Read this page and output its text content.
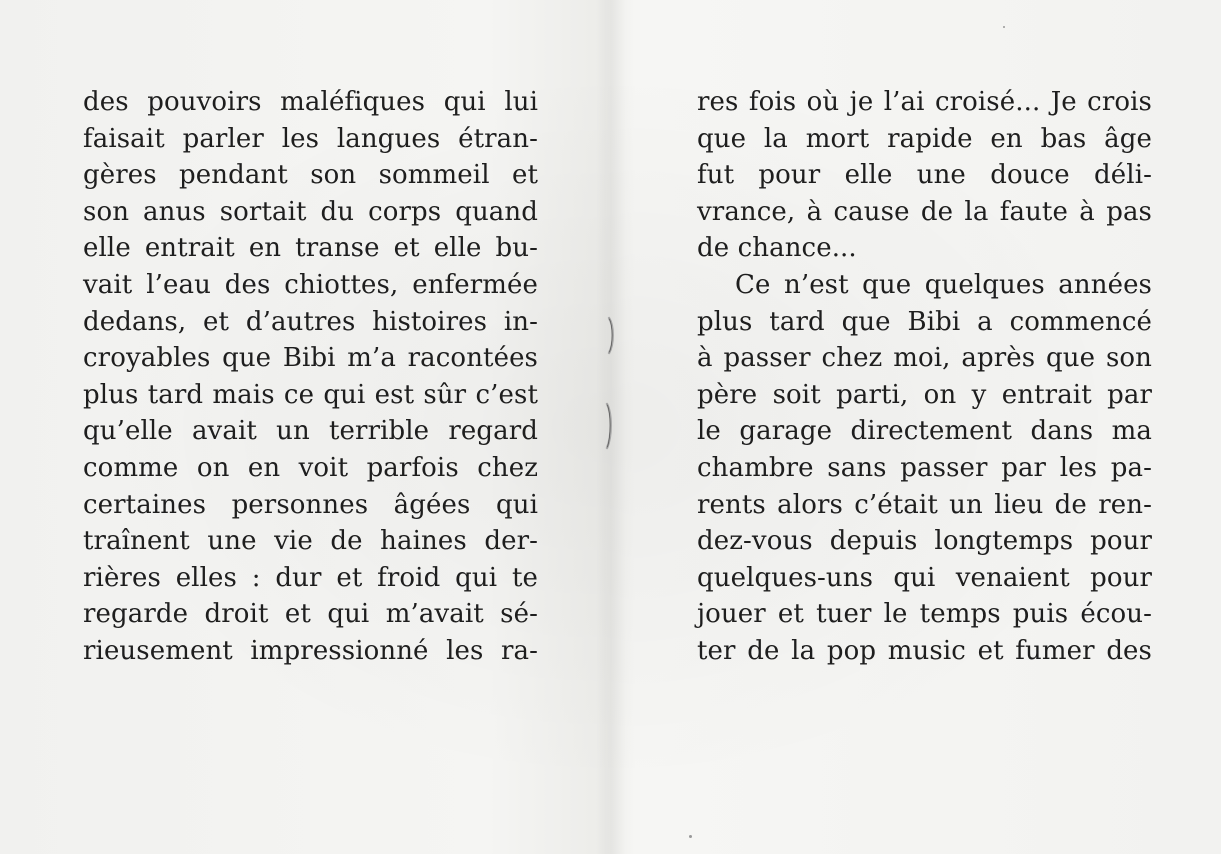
des pouvoirs maléfiques qui lui
faisait parler les langues étran-
gères pendant son sommeil et
son anus sortait du corps quand
elle entrait en transe et elle bu-
vait l’eau des chiottes, enfermée
dedans, et d’autres histoires in-
croyables que Bibi m’a racontées
plus tard mais ce qui est sûr c’est
qu’elle avait un terrible regard
comme on en voit parfois chez
certaines personnes âgées qui
traînent une vie de haines der-
rières elles : dur et froid qui te
regarde droit et qui m’avait sé-
rieusement impressionné les ra-
res fois où je l’ai croisé... Je crois
que la mort rapide en bas âge
fut pour elle une douce déli-
vrance, à cause de la faute à pas
de chance...
Ce n’est que quelques années
plus tard que Bibi a commencé
à passer chez moi, après que son
père soit parti, on y entrait par
le garage directement dans ma
chambre sans passer par les pa-
rents alors c’était un lieu de ren-
dez-vous depuis longtemps pour
quelques-uns qui venaient pour
jouer et tuer le temps puis écou-
ter de la pop music et fumer des
